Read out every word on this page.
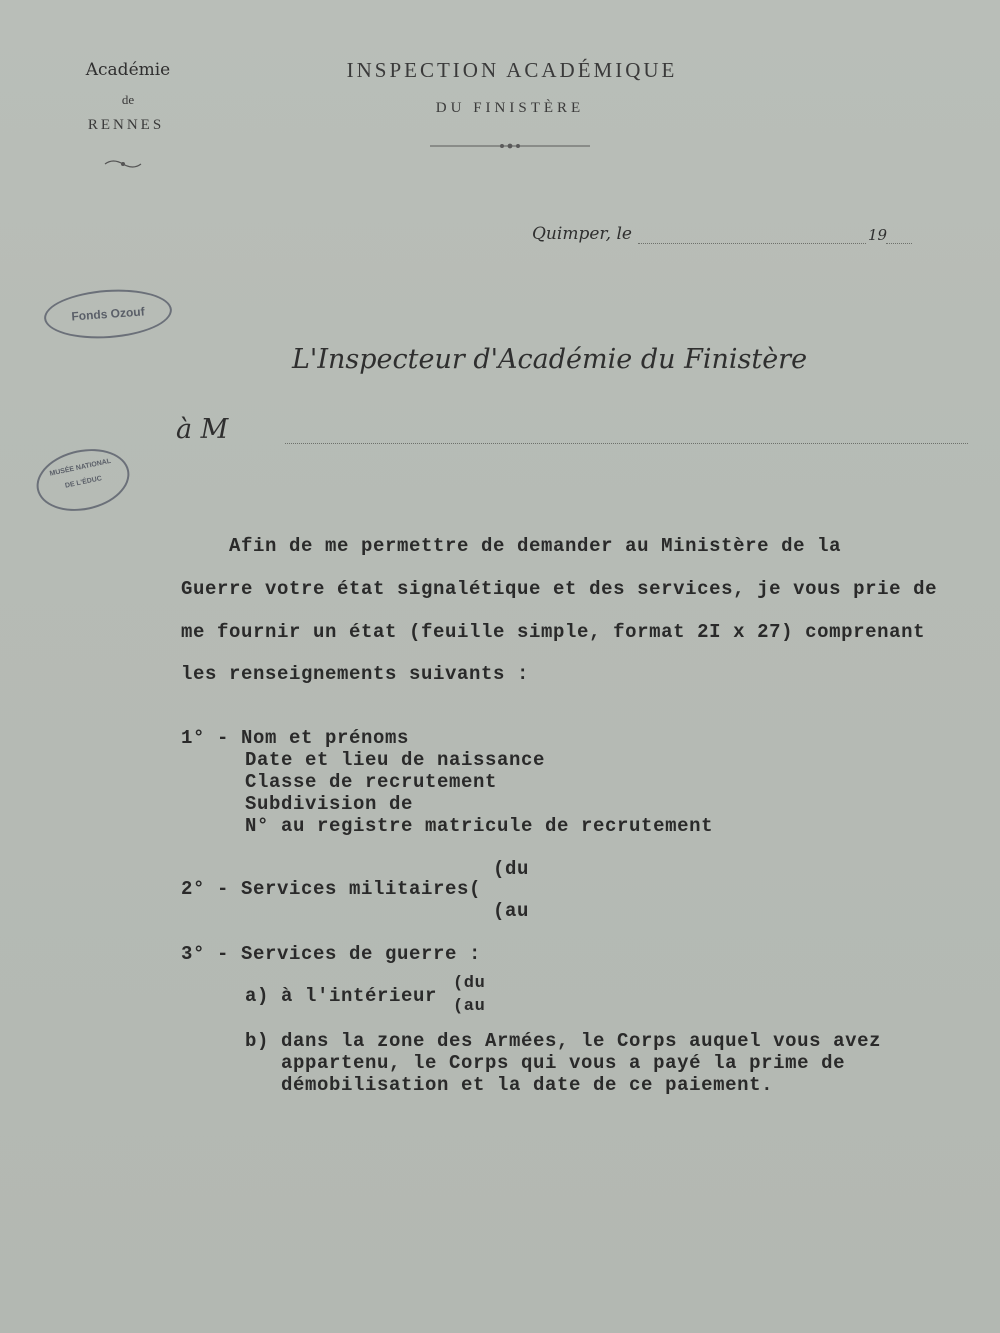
Académie
de
RENNES
INSPECTION ACADÉMIQUE
DU FINISTÈRE
Quimper, le	19
Fonds Ozouf
MUSÉE NATIONAL
DE L'ÉDUC
L'Inspecteur d'Académie du Finistère
à M
Afin de me permettre de demander au Ministère de la
Guerre votre état signalétique et des services, je vous prie de
me fournir un état (feuille simple, format 2I x 27) comprenant
les renseignements suivants :
1° - Nom et prénoms
Date et lieu de naissance
Classe de recrutement
Subdivision de
N° au registre matricule de recrutement
(du
2° - Services militaires(
(au
3° - Services de guerre :
a) à l'intérieur
(du
(au
b) dans la zone des Armées, le Corps auquel vous avez
appartenu, le Corps qui vous a payé la prime de
démobilisation et la date de ce paiement.
